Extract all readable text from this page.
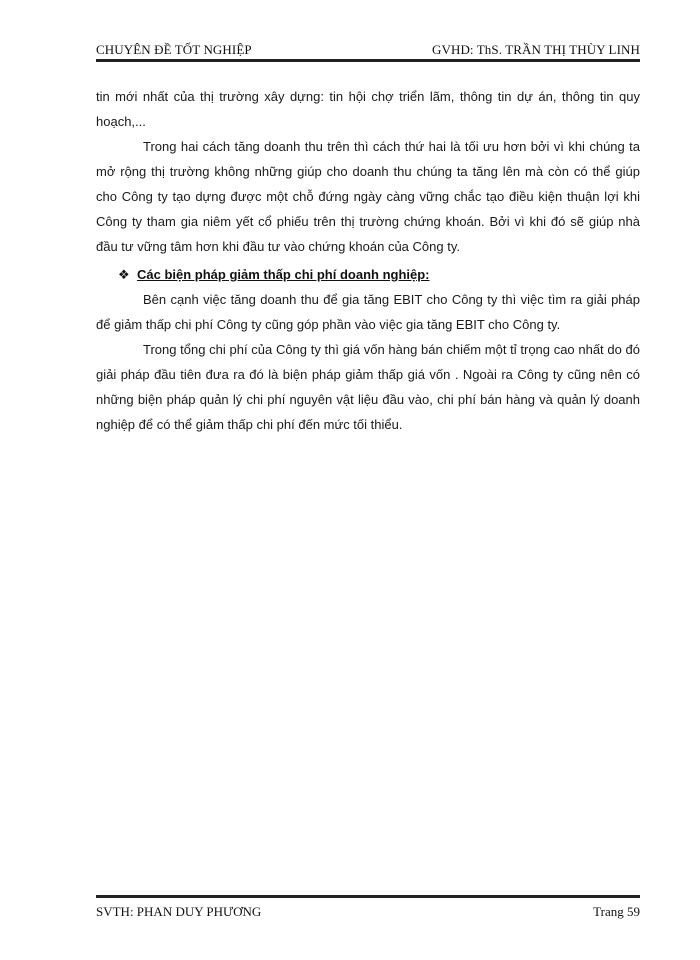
CHUYÊN ĐỀ TỐT NGHIỆP	GVHD: ThS. TRẦN THỊ THÙY LINH

tin mới nhất của thị trường xây dựng: tin hội chợ triển lãm, thông tin dự án, thông tin quy hoạch,...

Trong hai cách tăng doanh thu trên thì cách thứ hai là tối ưu hơn bởi vì khi chúng ta mở rộng thị trường không những giúp cho doanh thu chúng ta tăng lên mà còn có thể giúp cho Công ty tạo dựng được một chỗ đứng ngày càng vững chắc tạo điều kiện thuận lợi khi Công ty tham gia niêm yết cổ phiếu trên thị trường chứng khoán. Bởi vì khi đó sẽ giúp nhà đầu tư vững tâm hơn khi đầu tư vào chứng khoán của Công ty.

❖ Các biện pháp giảm thấp chi phí doanh nghiệp:

Bên cạnh việc tăng doanh thu để gia tăng EBIT cho Công ty thì việc tìm ra giải pháp để giảm thấp chi phí Công ty cũng góp phần vào việc gia tăng EBIT cho Công ty.

Trong tổng chi phí của Công ty thì giá vốn hàng bán chiếm một tỉ trọng cao nhất do đó giải pháp đầu tiên đưa ra đó là biện pháp giảm thấp giá vốn . Ngoài ra Công ty cũng nên có những biện pháp quản lý chi phí nguyên vật liệu đầu vào, chi phí bán hàng và quản lý doanh nghiệp để có thể giảm thấp chi phí đến mức tối thiểu.

SVTH: PHAN DUY PHƯƠNG	Trang 59
